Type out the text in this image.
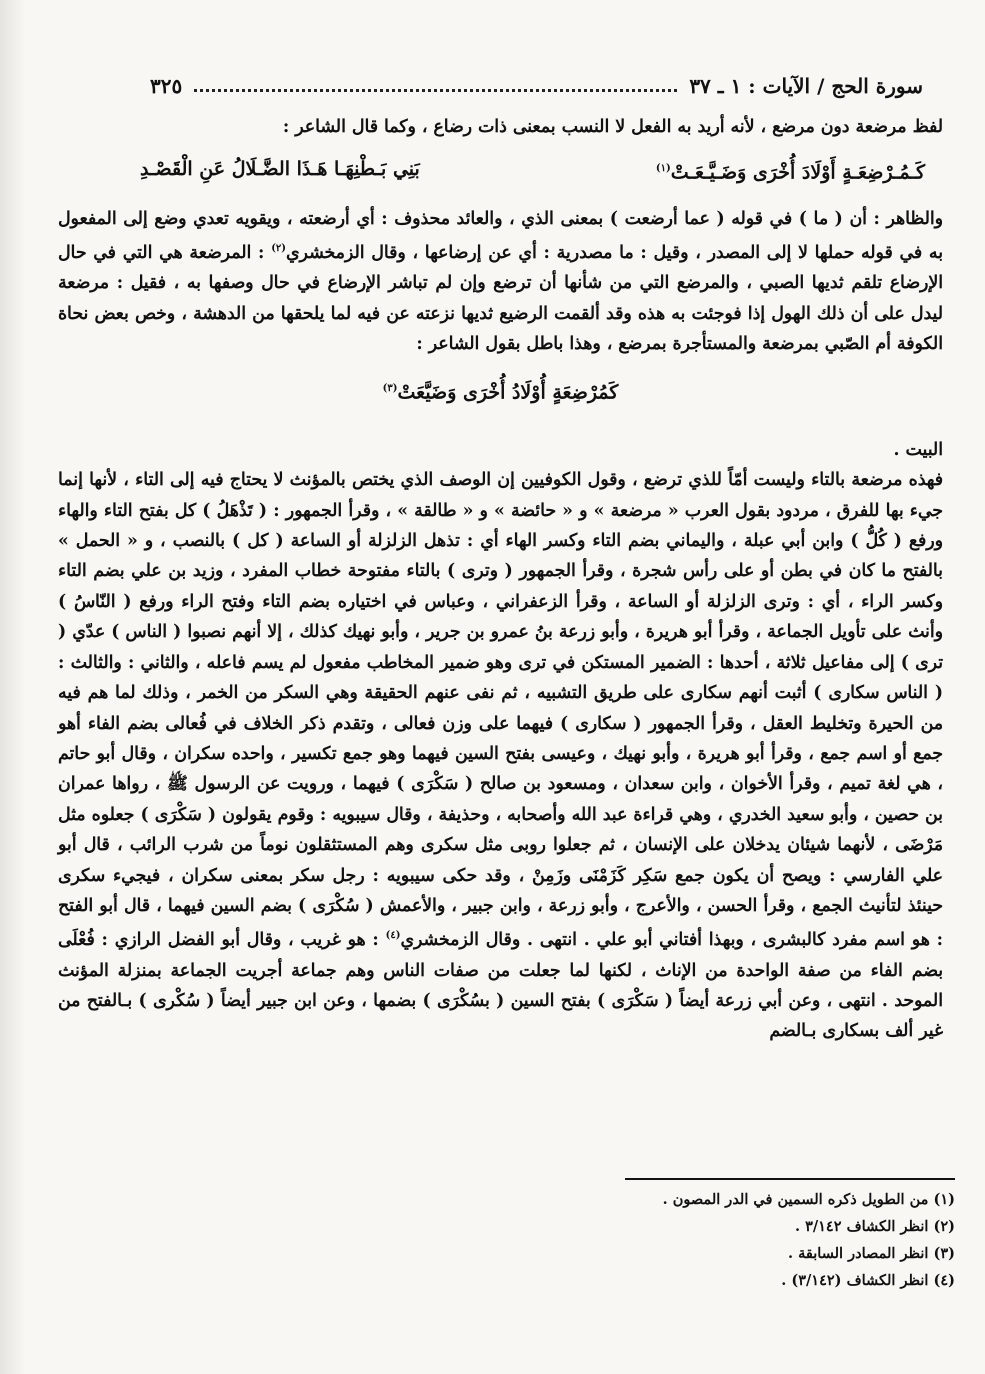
سورة الحج / الآيات : ١ ـ ٣٧
٣٢٥

لفظ مرضعة دون مرضع ، لأنه أريد به الفعل لا النسب بمعنى ذات رضاع ، وكما قال الشاعر :

كَـمُـرْضِعَـةٍ أَوْلَادَ أُخْرَى وَضَـيَّـعَـتْ$^{(١)}$
بَنِي بَـطْنِهَـا هَـذَا الضَّـلَالُ عَنِ الْقَصْـدِ

والظاهر : أن ( ما ) في قوله ( عما أرضعت ) بمعنى الذي ، والعائد محذوف : أي أرضعته ، ويقويه تعدي وضع إلى المفعول به في قوله حملها لا إلى المصدر ، وقيل : ما مصدرية : أي عن إرضاعها ، وقال الزمخشري$^{(٢)}$ : المرضعة هي التي في حال الإرضاع تلقم ثديها الصبي ، والمرضع التي من شأنها أن ترضع وإن لم تباشر الإرضاع في حال وصفها به ، فقيل : مرضعة ليدل على أن ذلك الهول إذا فوجئت به هذه وقد ألقمت الرضيع ثديها نزعته عن فيه لما يلحقها من الدهشة ، وخص بعض نحاة الكوفة أم الصّبي بمرضعة والمستأجرة بمرضع ، وهذا باطل بقول الشاعر :

كَمُرْضِعَةٍ أُوْلَادُ أُخْرَى وَضَيَّعَتْ$^{(٣)}$

البيت .

فهذه مرضعة بالتاء وليست أمّاً للذي ترضع ، وقول الكوفيين إن الوصف الذي يختص بالمؤنث لا يحتاج فيه إلى التاء ، لأنها إنما جيء بها للفرق ، مردود بقول العرب « مرضعة » و « حائضة » و « طالقة » ، وقرأ الجمهور : ( تَذْهَلُ ) كل بفتح التاء والهاء ورفع ( كُلُّ ) وابن أبي عبلة ، واليماني بضم التاء وكسر الهاء أي : تذهل الزلزلة أو الساعة ( كل ) بالنصب ، و « الحمل » بالفتح ما كان في بطن أو على رأس شجرة ، وقرأ الجمهور ( وترى ) بالتاء مفتوحة خطاب المفرد ، وزيد بن علي بضم التاء وكسر الراء ، أي : وترى الزلزلة أو الساعة ، وقرأ الزعفراني ، وعباس في اختياره بضم التاء وفتح الراء ورفع ( النّاسُ ) وأنث على تأويل الجماعة ، وقرأ أبو هريرة ، وأبو زرعة بنُ عمرو بن جرير ، وأبو نهيك كذلك ، إلا أنهم نصبوا ( الناس ) عدّي ( ترى ) إلى مفاعيل ثلاثة ، أحدها : الضمير المستكن في ترى وهو ضمير المخاطب مفعول لم يسم فاعله ، والثاني : والثالث : ( الناس سكارى ) أثبت أنهم سكارى على طريق التشبيه ، ثم نفى عنهم الحقيقة وهي السكر من الخمر ، وذلك لما هم فيه من الحيرة وتخليط العقل ، وقرأ الجمهور ( سكارى ) فيهما على وزن فعالى ، وتقدم ذكر الخلاف في فُعالى بضم الفاء أهو جمع أو اسم جمع ، وقرأ أبو هريرة ، وأبو نهيك ، وعيسى بفتح السين فيهما وهو جمع تكسير ، واحده سكران ، وقال أبو حاتم ، هي لغة تميم ، وقرأ الأخوان ، وابن سعدان ، ومسعود بن صالح ( سَكْرَى ) فيهما ، ورويت عن الرسول ﷺ ، رواها عمران بن حصين ، وأبو سعيد الخدري ، وهي قراءة عبد الله وأصحابه ، وحذيفة ، وقال سيبويه : وقوم يقولون ( سَكْرَى ) جعلوه مثل مَرْضَى ، لأنهما شيئان يدخلان على الإنسان ، ثم جعلوا روبى مثل سكرى وهم المستثقلون نوماً من شرب الرائب ، قال أبو علي الفارسي : ويصح أن يكون جمع سَكِر كَزَمْنَى وزَمِنْ ، وقد حكى سيبويه : رجل سكر بمعنى سكران ، فيجيء سكرى حينئذ لتأنيث الجمع ، وقرأ الحسن ، والأعرج ، وأبو زرعة ، وابن جبير ، والأعمش ( سُكْرَى ) بضم السين فيهما ، قال أبو الفتح : هو اسم مفرد كالبشرى ، وبهذا أفتاني أبو علي . انتهى . وقال الزمخشري$^{(٤)}$ : هو غريب ، وقال أبو الفضل الرازي : فُعْلَى بضم الفاء من صفة الواحدة من الإناث ، لكنها لما جعلت من صفات الناس وهم جماعة أجريت الجماعة بمنزلة المؤنث الموحد . انتهى ، وعن أبي زرعة أيضاً ( سَكْرَى ) بفتح السين ( بسُكْرَى ) بضمها ، وعن ابن جبير أيضاً ( سُكْرى ) بـالفتح من غير ألف بسكارى بـالضم

(١) من الطويل ذكره السمين في الدر المصون .
(٢) انظر الكشاف ٣/١٤٢ .
(٣) انظر المصادر السابقة .
(٤) انظر الكشاف (٣/١٤٢) .
